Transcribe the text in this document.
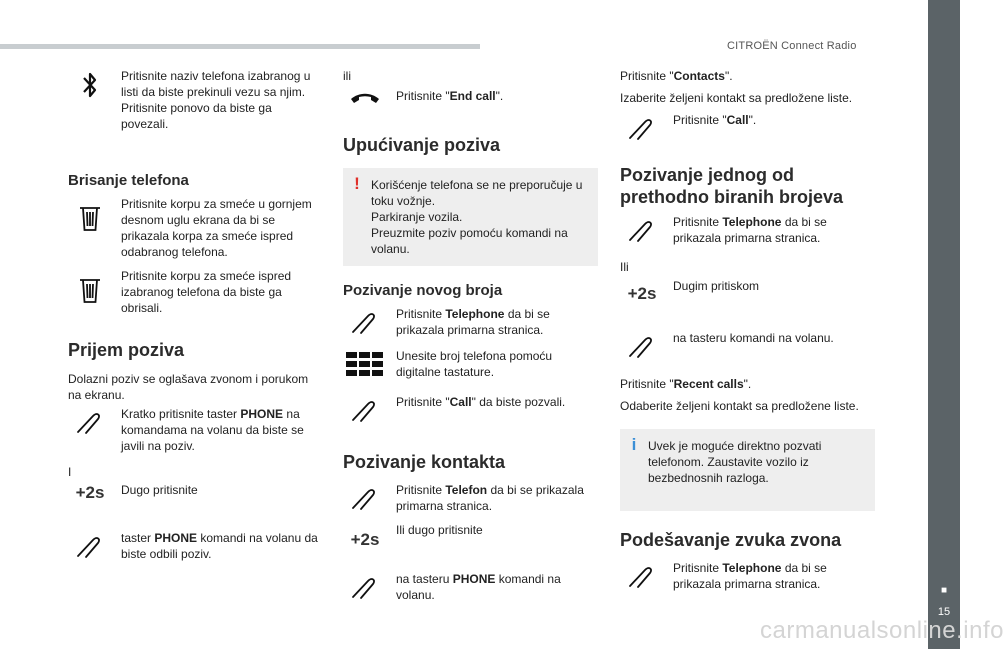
CITROËN Connect Radio
■
15
carmanualsonline.info
Pritisnite naziv telefona izabranog u listi da biste prekinuli vezu sa njim. Pritisnite ponovo da biste ga povezali.
Brisanje telefona
Pritisnite korpu za smeće u gornjem desnom uglu ekrana da bi se prikazala korpa za smeće ispred odabranog telefona.
Pritisnite korpu za smeće ispred izabranog telefona da biste ga obrisali.
Prijem poziva
Dolazni poziv se oglašava zvonom i porukom na ekranu.
Kratko pritisnite taster PHONE na komandama na volanu da biste se javili na poziv.
I
+2s Dugo pritisnite
taster PHONE komandi na volanu da biste odbili poziv.
ili
Pritisnite "End call".
Upućivanje poziva
! Korišćenje telefona se ne preporučuje u toku vožnje.
Parkiranje vozila.
Preuzmite poziv pomoću komandi na volanu.
Pozivanje novog broja
Pritisnite Telephone da bi se prikazala primarna stranica.
Unesite broj telefona pomoću digitalne tastature.
Pritisnite "Call" da biste pozvali.
Pozivanje kontakta
Pritisnite Telefon da bi se prikazala primarna stranica.
+2s Ili dugo pritisnite
na tasteru PHONE komandi na volanu.
Pritisnite "Contacts".
Izaberite željeni kontakt sa predložene liste.
Pritisnite "Call".
Pozivanje jednog od prethodno biranih brojeva
Pritisnite Telephone da bi se prikazala primarna stranica.
Ili
+2s Dugim pritiskom
na tasteru komandi na volanu.
Pritisnite "Recent calls".
Odaberite željeni kontakt sa predložene liste.
i Uvek je moguće direktno pozvati telefonom. Zaustavite vozilo iz bezbednosnih razloga.
Podešavanje zvuka zvona
Pritisnite Telephone da bi se prikazala primarna stranica.
